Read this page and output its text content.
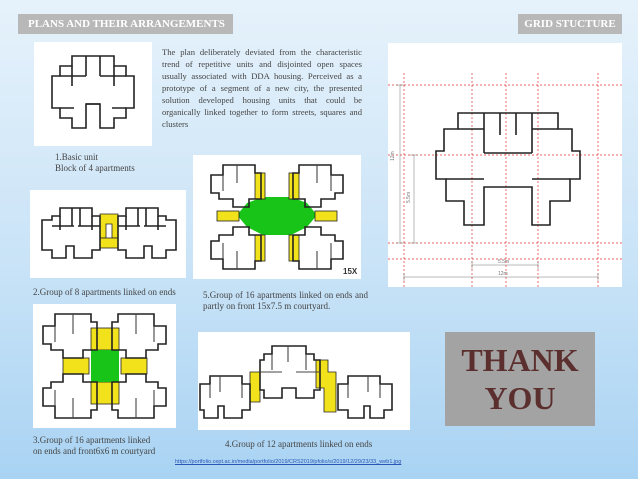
PLANS AND THEIR ARRANGEMENTS	GRID STUCTURE
The plan deliberately deviated from the characteristic trend of repetitive units and disjointed open spaces usually associated with DDA housing. Perceived as a prototype of a segment of a new city, the presented solution developed housing units that could be organically linked together to form streets, squares and clusters
1.Basic unit
Block of 4 apartments
2.Group of 8 apartments linked on ends
15X
5.Group of 16 apartments linked on ends and partly on front 15x7.5 m courtyard.
3.Group of 16 apartments linked
on ends and front6x6 m courtyard
4.Group of 12 apartments linked on ends
12m
5.5m
5.5m
12m
THANK
YOU
https://portfolio.cept.ac.in/media/portfolio/2019/CRS2019/pfolio/s/2019/12/29/23/33_web1.jpg
